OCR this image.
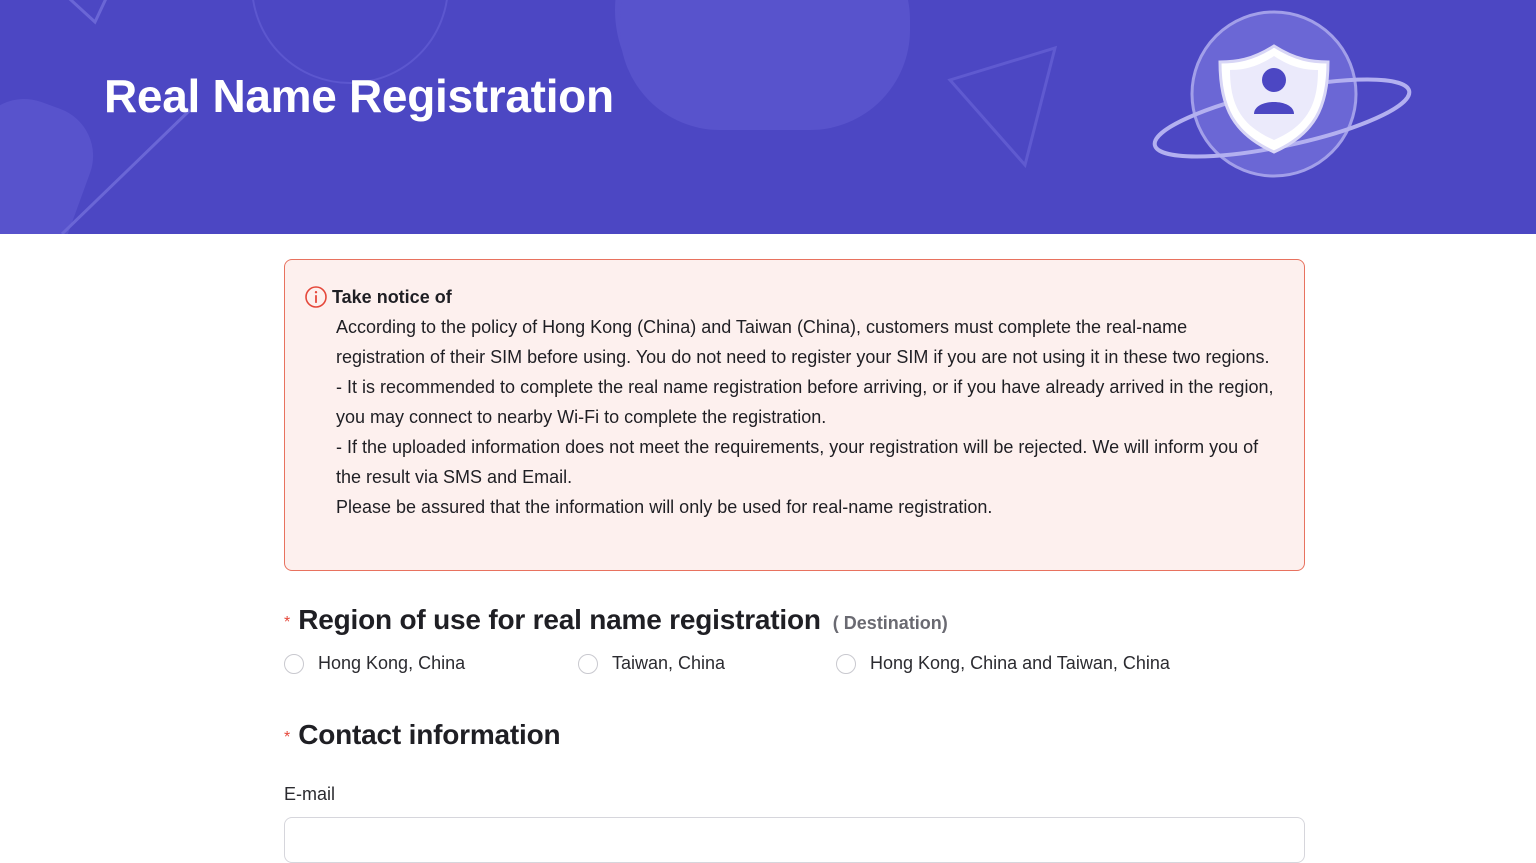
Real Name Registration
Take notice of

According to the policy of Hong Kong (China) and Taiwan (China), customers must complete the real-name registration of their SIM before using. You do not need to register your SIM if you are not using it in these two regions.

- It is recommended to complete the real name registration before arriving, or if you have already arrived in the region, you may connect to nearby Wi-Fi to complete the registration.

- If the uploaded information does not meet the requirements, your registration will be rejected. We will inform you of the result via SMS and Email.

Please be assured that the information will only be used for real-name registration.

* Region of use for real name registration ( Destination)
Hong Kong, China	Taiwan, China	Hong Kong, China and Taiwan, China
* Contact information
E-mail
